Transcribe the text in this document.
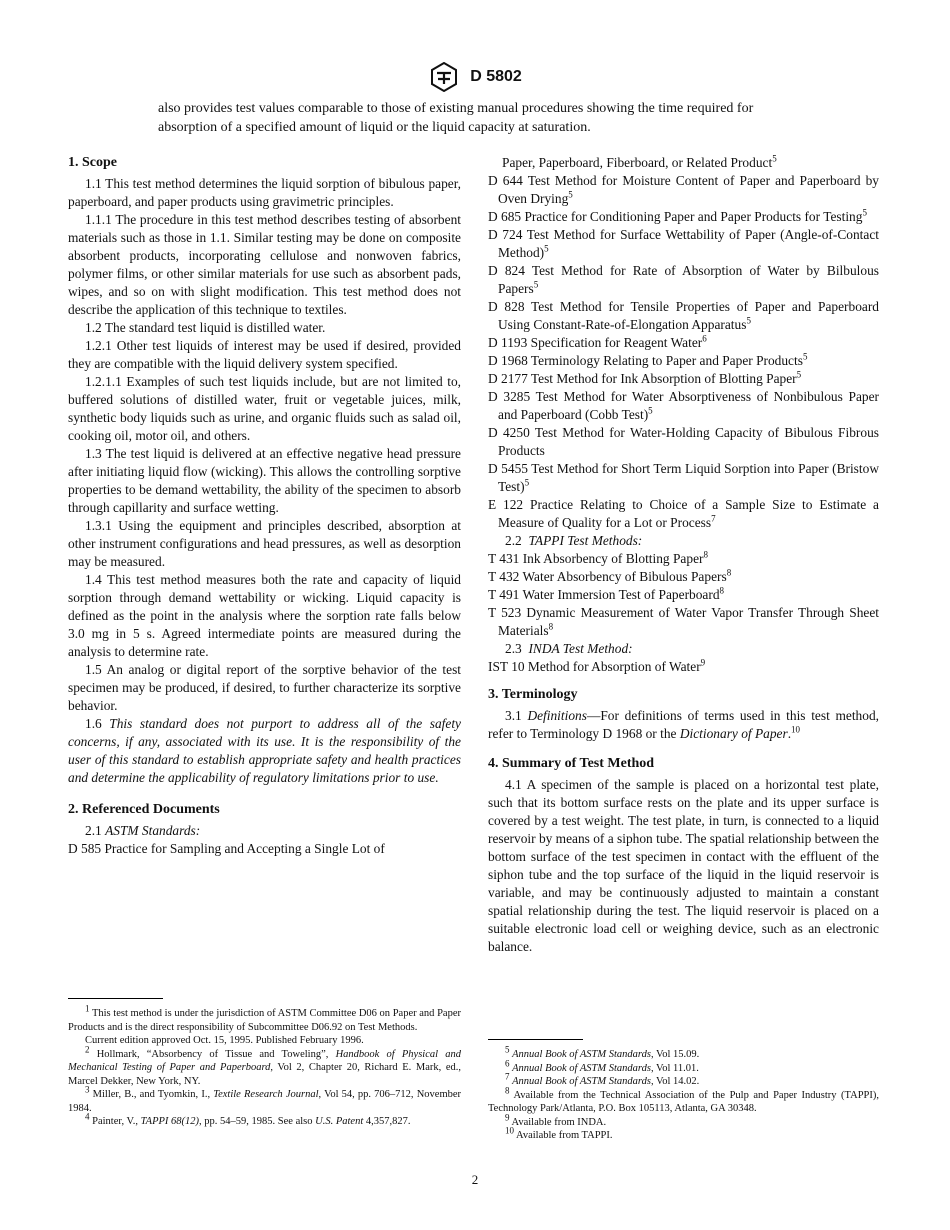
D 5802
also provides test values comparable to those of existing manual procedures showing the time required for absorption of a specified amount of liquid or the liquid capacity at saturation.

1. Scope

1.1 This test method determines the liquid sorption of bibulous paper, paperboard, and paper products using gravimetric principles.

1.1.1 The procedure in this test method describes testing of absorbent materials such as those in 1.1. Similar testing may be done on composite absorbent products, incorporating cellulose and nonwoven fabrics, polymer films, or other similar materials for use such as absorbent pads, wipes, and so on with slight modification. This test method does not describe the application of this technique to textiles.

1.2 The standard test liquid is distilled water.

1.2.1 Other test liquids of interest may be used if desired, provided they are compatible with the liquid delivery system specified.

1.2.1.1 Examples of such test liquids include, but are not limited to, buffered solutions of distilled water, fruit or vegetable juices, milk, synthetic body liquids such as urine, and organic fluids such as salad oil, cooking oil, motor oil, and others.

1.3 The test liquid is delivered at an effective negative head pressure after initiating liquid flow (wicking). This allows the controlling sorptive properties to be demand wettability, the ability of the specimen to absorb through capillarity and surface wetting.

1.3.1 Using the equipment and principles described, absorption at other instrument configurations and head pressures, as well as desorption may be measured.

1.4 This test method measures both the rate and capacity of liquid sorption through demand wettability or wicking. Liquid capacity is defined as the point in the analysis where the sorption rate falls below 3.0 mg in 5 s. Agreed intermediate points are measured during the analysis to determine rate.

1.5 An analog or digital report of the sorptive behavior of the test specimen may be produced, if desired, to further characterize its sorptive behavior.

1.6 This standard does not purport to address all of the safety concerns, if any, associated with its use. It is the responsibility of the user of this standard to establish appropriate safety and health practices and determine the applicability of regulatory limitations prior to use.

2. Referenced Documents

2.1 ASTM Standards:

D 585 Practice for Sampling and Accepting a Single Lot of

$^1$ This test method is under the jurisdiction of ASTM Committee D06 on Paper and Paper Products and is the direct responsibility of Subcommittee D06.92 on Test Methods.

Current edition approved Oct. 15, 1995. Published February 1996.

$^2$ Hollmark, “Absorbency of Tissue and Toweling”, Handbook of Physical and Mechanical Testing of Paper and Paperboard, Vol 2, Chapter 20, Richard E. Mark, ed., Marcel Dekker, New York, NY.

$^3$ Miller, B., and Tyomkin, I., Textile Research Journal, Vol 54, pp. 706–712, November 1984.

$^4$ Painter, V., TAPPI 68(12), pp. 54–59, 1985. See also U.S. Patent 4,357,827.

Paper, Paperboard, Fiberboard, or Related Product$^5$

D 644 Test Method for Moisture Content of Paper and Paperboard by Oven Drying$^5$

D 685 Practice for Conditioning Paper and Paper Products for Testing$^5$

D 724 Test Method for Surface Wettability of Paper (Angle-of-Contact Method)$^5$

D 824 Test Method for Rate of Absorption of Water by Bilbulous Papers$^5$

D 828 Test Method for Tensile Properties of Paper and Paperboard Using Constant-Rate-of-Elongation Apparatus$^5$

D 1193 Specification for Reagent Water$^6$

D 1968 Terminology Relating to Paper and Paper Products$^5$

D 2177 Test Method for Ink Absorption of Blotting Paper$^5$

D 3285 Test Method for Water Absorptiveness of Nonbibulous Paper and Paperboard (Cobb Test)$^5$

D 4250 Test Method for Water-Holding Capacity of Bibulous Fibrous Products

D 5455 Test Method for Short Term Liquid Sorption into Paper (Bristow Test)$^5$

E 122 Practice Relating to Choice of a Sample Size to Estimate a Measure of Quality for a Lot or Process$^7$

2.2 TAPPI Test Methods:

T 431 Ink Absorbency of Blotting Paper$^8$

T 432 Water Absorbency of Bibulous Papers$^8$

T 491 Water Immersion Test of Paperboard$^8$

T 523 Dynamic Measurement of Water Vapor Transfer Through Sheet Materials$^8$

2.3 INDA Test Method:

IST 10 Method for Absorption of Water$^9$

3. Terminology

3.1 Definitions—For definitions of terms used in this test method, refer to Terminology D 1968 or the Dictionary of Paper.$^{10}$

4. Summary of Test Method

4.1 A specimen of the sample is placed on a horizontal test plate, such that its bottom surface rests on the plate and its upper surface is covered by a test weight. The test plate, in turn, is connected to a liquid reservoir by means of a siphon tube. The spatial relationship between the bottom surface of the test specimen in contact with the effluent of the siphon tube and the top surface of the liquid in the liquid reservoir is variable, and may be continuously adjusted to maintain a constant spatial relationship during the test. The liquid reservoir is placed on a suitable electronic load cell or weighing device, such as an electronic balance.

$^5$ Annual Book of ASTM Standards, Vol 15.09.

$^6$ Annual Book of ASTM Standards, Vol 11.01.

$^7$ Annual Book of ASTM Standards, Vol 14.02.

$^8$ Available from the Technical Association of the Pulp and Paper Industry (TAPPI), Technology Park/Atlanta, P.O. Box 105113, Atlanta, GA 30348.

$^9$ Available from INDA.

$^{10}$ Available from TAPPI.

2
